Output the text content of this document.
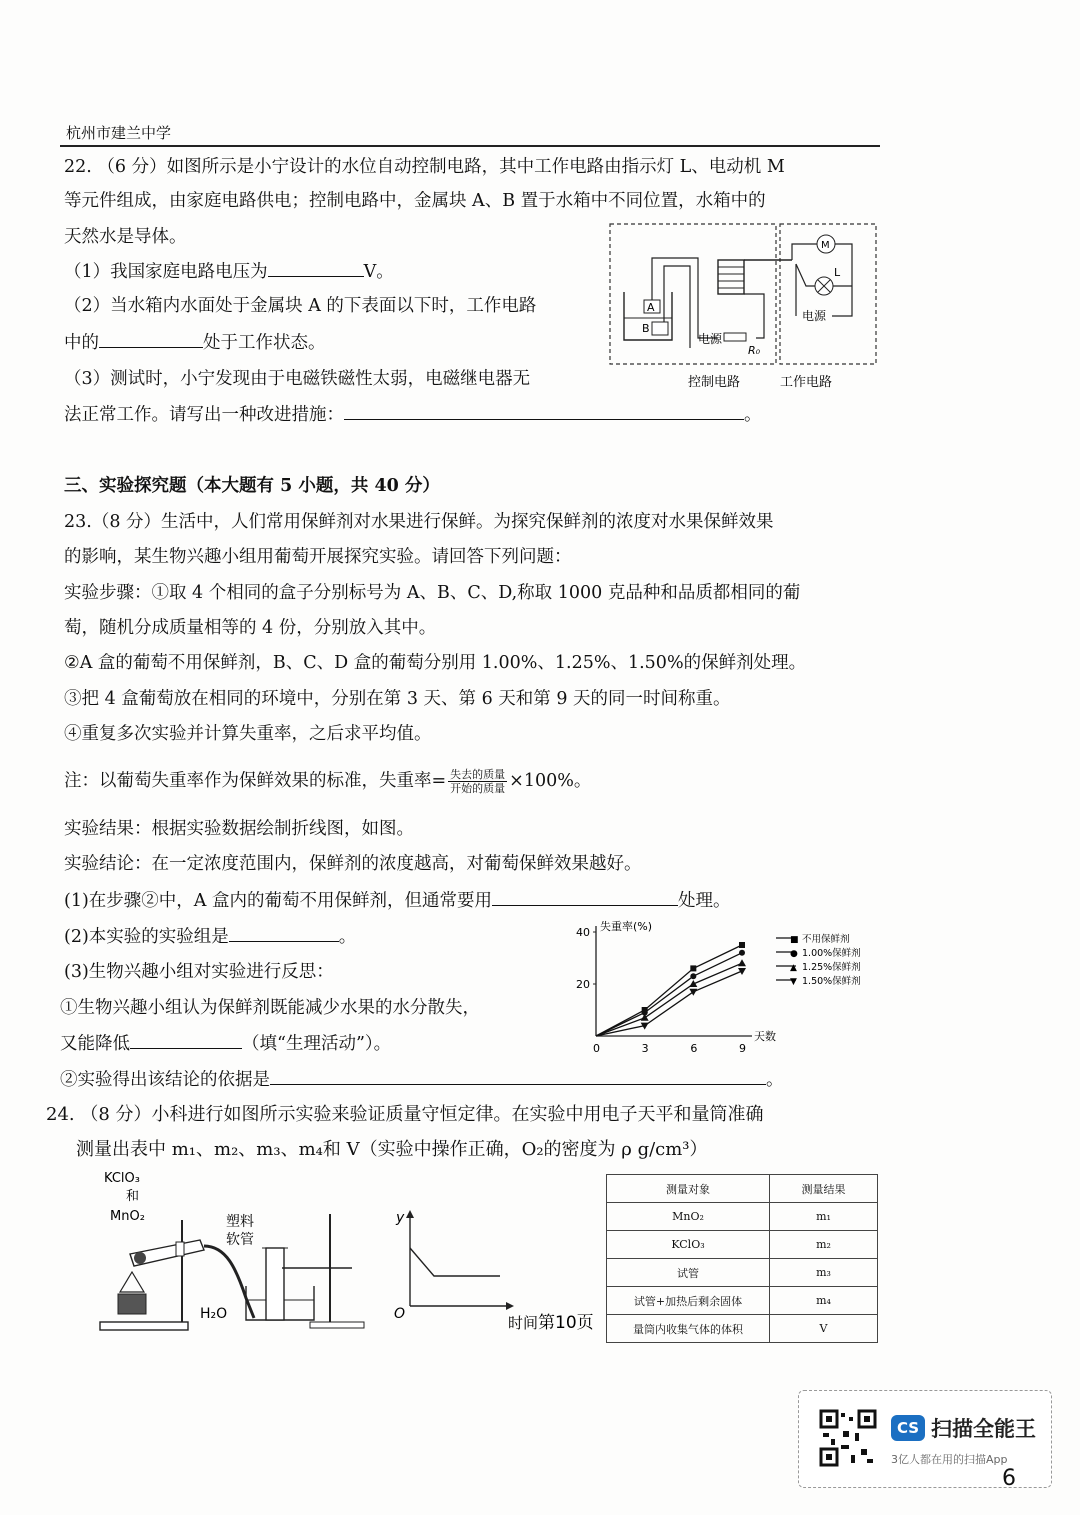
杭州市建兰中学
22. （6 分）如图所示是小宁设计的水位自动控制电路，其中工作电路由指示灯 L、电动机 M
等元件组成，由家庭电路供电；控制电路中，金属块 A、B 置于水箱中不同位置，水箱中的
天然水是导体。
（1）我国家庭电路电压为	V。
（2）当水箱内水面处于金属块 A 的下表面以下时，工作电路
中的	处于工作状态。
（3）测试时，小宁发现由于电磁铁磁性太弱，电磁继电器无
法正常工作。请写出一种改进措施：	。
A
B
电源
R₀
M
L
电源
控制电路	工作电路
三、实验探究题（本大题有 5 小题，共 40 分）
23.（8 分）生活中，人们常用保鲜剂对水果进行保鲜。为探究保鲜剂的浓度对水果保鲜效果
的影响，某生物兴趣小组用葡萄开展探究实验。请回答下列问题：
实验步骤：①取 4 个相同的盒子分别标号为 A、B、C、D,称取 1000 克品种和品质都相同的葡
萄，随机分成质量相等的 4 份，分别放入其中。
②A 盒的葡萄不用保鲜剂，B、C、D 盒的葡萄分别用 1.00%、1.25%、1.50%的保鲜剂处理。
③把 4 盒葡萄放在相同的环境中，分别在第 3 天、第 6 天和第 9 天的同一时间称重。
④重复多次实验并计算失重率，之后求平均值。
注：以葡萄失重率作为保鲜效果的标准，失重率= $\frac{\text{失去的质量}}{\text{开始的质量}} \times 100\%$。
实验结果：根据实验数据绘制折线图，如图。
实验结论：在一定浓度范围内，保鲜剂的浓度越高，对葡萄保鲜效果越好。
(1)在步骤②中，A 盒内的葡萄不用保鲜剂，但通常要用	处理。
(2)本实验的实验组是	。
(3)生物兴趣小组对实验进行反思：
①生物兴趣小组认为保鲜剂既能减少水果的水分散失，
又能降低	（填“生理活动”）。
②实验得出该结论的依据是	。
失重率(%)
天数
20
40
0	3	6	9
■ 不用保鲜剂
● 1.00%保鲜剂
▲ 1.25%保鲜剂
▼ 1.50%保鲜剂
24. （8 分）小科进行如图所示实验来验证质量守恒定律。在实验中用电子天平和量筒准确
测量出表中 m₁、m₂、m₃、m₄和 V（实验中操作正确，O₂的密度为 ρ g/cm³）
KClO₃
和
MnO₂	塑料
软管
H₂O
y
O	时间 第10页
测量对象	测量结果
MnO₂	m₁
KClO₃	m₂
试管	m₃
试管+加热后剩余固体	m₄
量筒内收集气体的体积	V
CS 扫描全能王
3亿人都在用的扫描App
6
